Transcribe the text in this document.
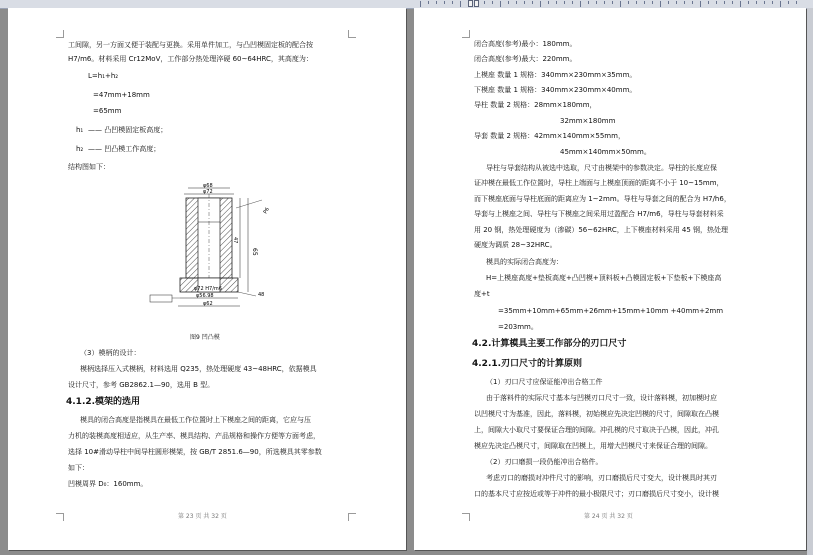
工间隙，另一方面又便于装配与更换。采用单件加工，与凸凹模固定板的配合按
H7/m6。材料采用 Cr12MoV，工作部分热处理淬硬 60~64HRC，其高度为：
L=h₁+h₂
=47mm+18mm
=65mm
h₁ —— 凸凹模固定板高度；
h₂ —— 凹凸模工作高度；
结构图如下：
φ68
φ72
65
47
P6
φ72 H7/m6
φ56.98
φ62
48
图9 凹凸模
（3）模柄的设计：
模柄选择压入式模柄，材料选用 Q235，热处理硬度 43~48HRC，依据模具
设计尺寸，参考 GB2862.1—90，选用 B 型。
4.1.2.模架的选用
模具的闭合高度是指模具在最低工作位置时上下模座之间的距离，它应与压
力机的装模高度相适应，从生产率、模具结构、产品规格和操作方便等方面考虑，
选择 10#滑动导柱中间导柱圆形模架，按 GB/T 2851.6—90，所选模具其零参数
如下：
凹模周界 D₀：160mm。
第 23 页 共 32 页
闭合高度(参考)最小：180mm。
闭合高度(参考)最大：220mm。
上模座 数量 1 规格：340mm×230mm×35mm。
下模座 数量 1 规格：340mm×230mm×40mm。
导柱 数量 2 规格：28mm×180mm，
32mm×180mm
导套 数量 2 规格：42mm×140mm×55mm，
45mm×140mm×50mm。
导柱与导套结构从被选中选取，尺寸由模架中的参数决定。导柱的长度应保
证冲模在最低工作位置时，导柱上端面与上模座顶面的距离不小于 10~15mm，
而下模座底面与导柱底面的距离应为 1~2mm。导柱与导套之间的配合为 H7/h6，
导套与上模座之间、导柱与下模座之间采用过盈配合 H7/m6，导柱与导套材料采
用 20 钢，热处理硬度为（渗碳）56~62HRC，上下模座材料采用 45 钢，热处理
硬度为调质 28~32HRC。
模具的实际闭合高度为：
H=上模座高度+垫板高度+凸凹模+顶料板+凸模固定板+下垫板+下模座高
度+t
=35mm+10mm+65mm+26mm+15mm+10mm +40mm+2mm
=203mm。
4.2.计算模具主要工作部分的刃口尺寸
4.2.1.刃口尺寸的计算原则
（1）刃口尺寸应保证能冲出合格工件
由于落料件的实际尺寸基本与凹模刃口尺寸一致，设计落料模，初加模时应
以凹模尺寸为基准，因此，落料模，初始模应先决定凹模的尺寸，间隙取在凸模
上，间隙大小取尺寸要保证合理的间隙。冲孔模的尺寸取决于凸模，因此，冲孔
模应先决定凸模尺寸，间隙取在凹模上，用增大凹模尺寸来保证合理的间隙。
（2）刃口磨损一段仍能冲出合格件。
考虑刃口的磨损对冲件尺寸的影响，刃口磨损后尺寸变大，设计模具时其刃
口的基本尺寸应按近或等于冲件的最小极限尺寸；刃口磨损后尺寸变小，设计模
第 24 页 共 32 页
